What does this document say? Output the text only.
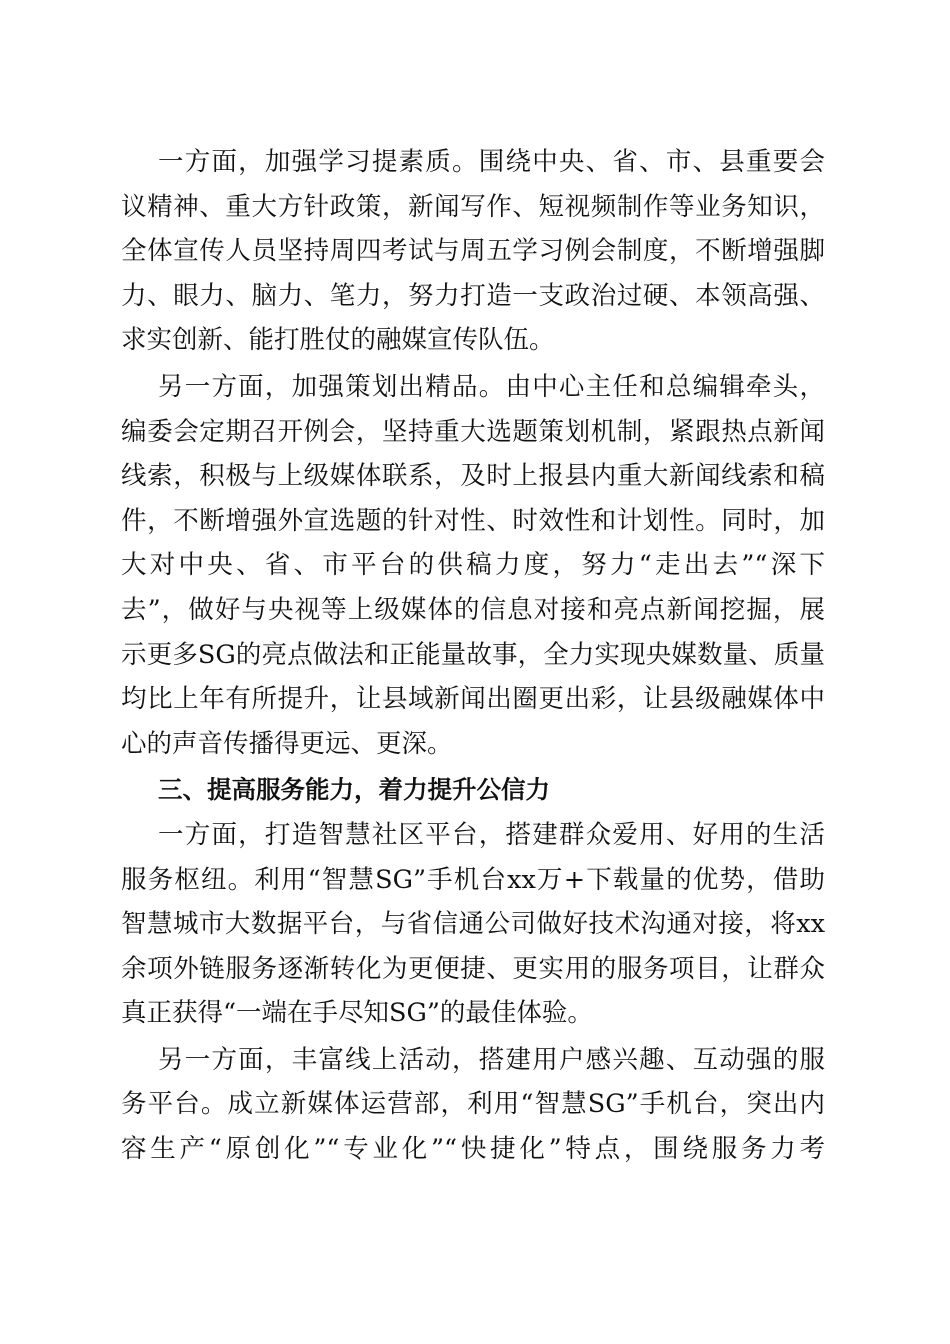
一方面，加强学习提素质。围绕中央、省、市、县重要会
议精神、重大方针政策，新闻写作、短视频制作等业务知识，
全体宣传人员坚持周四考试与周五学习例会制度，不断增强脚
力、眼力、脑力、笔力，努力打造一支政治过硬、本领高强、
求实创新、能打胜仗的融媒宣传队伍。
另一方面，加强策划出精品。由中心主任和总编辑牵头，
编委会定期召开例会，坚持重大选题策划机制，紧跟热点新闻
线索，积极与上级媒体联系，及时上报县内重大新闻线索和稿
件，不断增强外宣选题的针对性、时效性和计划性。同时，加
大对中央、省、市平台的供稿力度，努力“走出去”“深下
去”，做好与央视等上级媒体的信息对接和亮点新闻挖掘，展
示更多SG的亮点做法和正能量故事，全力实现央媒数量、质量
均比上年有所提升，让县域新闻出圈更出彩，让县级融媒体中
心的声音传播得更远、更深。
三、提高服务能力，着力提升公信力
一方面，打造智慧社区平台，搭建群众爱用、好用的生活
服务枢纽。利用“智慧SG”手机台xx万+下载量的优势，借助
智慧城市大数据平台，与省信通公司做好技术沟通对接，将xx
余项外链服务逐渐转化为更便捷、更实用的服务项目，让群众
真正获得“一端在手尽知SG”的最佳体验。
另一方面，丰富线上活动，搭建用户感兴趣、互动强的服
务平台。成立新媒体运营部，利用“智慧SG”手机台，突出内
容生产“原创化”“专业化”“快捷化”特点，围绕服务力考
